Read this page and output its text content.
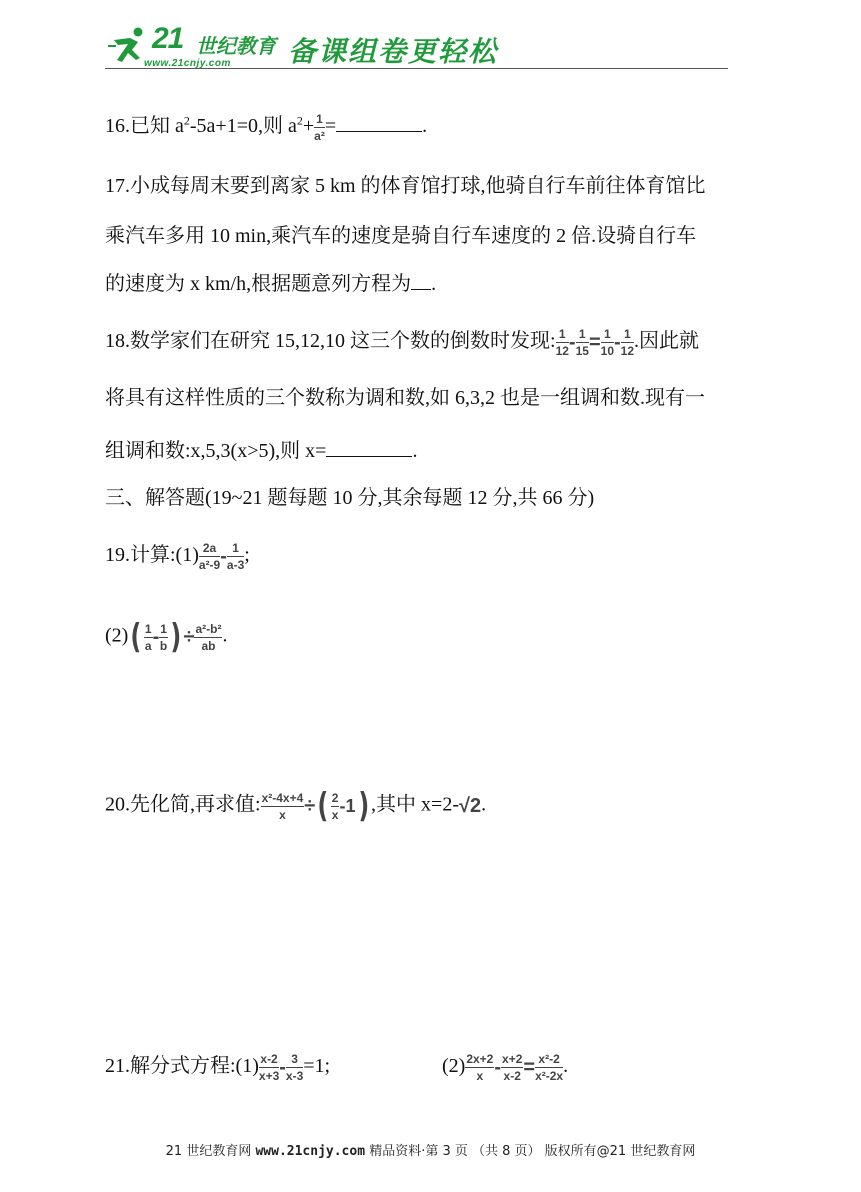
21 世纪教育
www.21cnjy.com 备课组卷更轻松
16.已知 $a^2-5a+1=0$,则 $a^2+ \frac{1}{\text{a²}}$ =	.
17.小成每周末要到离家 5 km 的体育馆打球,他骑自行车前往体育馆比
乘汽车多用 10 min,乘汽车的速度是骑自行车速度的 2 倍.设骑自行车
的速度为 x km/h,根据题意列方程为 .
18.数学家们在研究 15,12,10 这三个数的倒数时发现: $\frac{1}{12} - \frac{1}{15} = \frac{1}{10} - \frac{1}{12}$ .因此就
将具有这样性质的三个数称为调和数,如 6,3,2 也是一组调和数.现有一
组调和数:x,5,3(x>5),则 x=	.
三、解答题(19~21 题每题 10 分,其余每题 12 分,共 66 分)
19.计算:(1) $\frac{2a}{\text{a²-9}} - \frac{1}{a-3}$ ;
$(2)( \frac{1}{a} - \frac{1}{b}$ ) ÷ $\frac{\text{a²-b²}}{ab}$ .
20.先化简,再求值: $\frac{\text{x²-4x+4}}{x}$ ÷( $\frac{2}{x} -1$) ,其中 x=2-√2.
21.解分式方程:(1) $\frac{x-2}{x+3} - \frac{3}{x-3} =1$;	$(2) \frac{2x+2}{x} - \frac{x+2}{x-2} = \frac{\text{x²-2}}{\text{x²-2x}}$ .
21 世纪教育网 www.21cnjy.com 精品资料·第 3 页 （共 8 页） 版权所有@21 世纪教育网
